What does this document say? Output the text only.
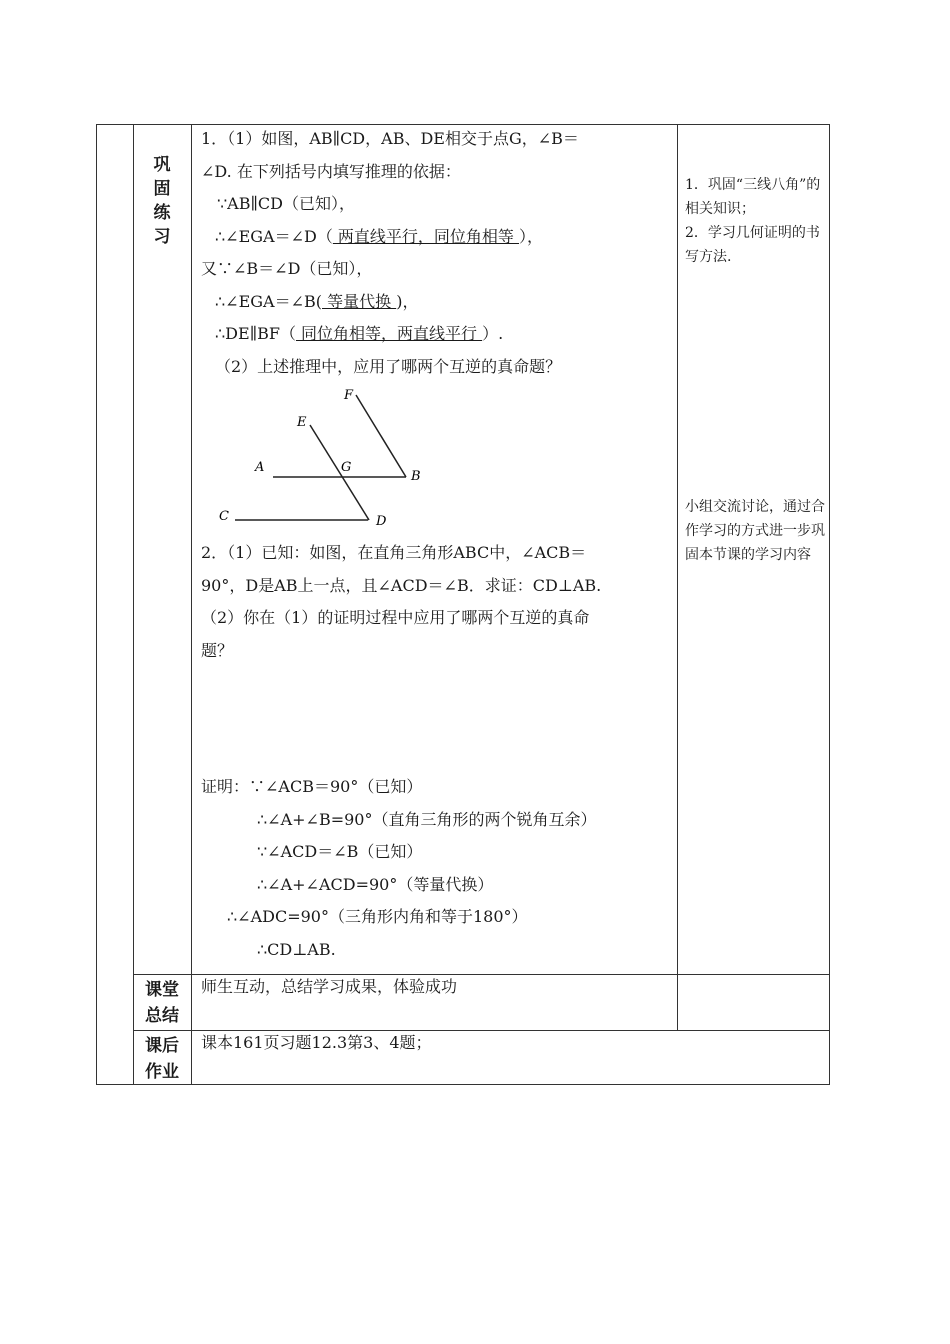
巩固练习
课堂总结
课后作业
1．（1）如图，AB∥CD，AB、DE相交于点G，∠B＝
∠D. 在下列括号内填写推理的依据：
∵AB∥CD（已知），
∴∠EGA＝∠D（ 两直线平行，同位角相等 ），
又∵∠B＝∠D（已知），
∴∠EGA＝∠B( 等量代换 )，
∴DE∥BF（ 同位角相等，两直线平行 ）.
（2）上述推理中，应用了哪两个互逆的真命题？
F
E
A	G
B
C	D
2．（1）已知：如图，在直角三角形ABC中，∠ACB＝
90°，D是AB上一点，且∠ACD＝∠B．求证：CD⊥AB.
（2）你在（1）的证明过程中应用了哪两个互逆的真命
题？
证明：∵∠ACB＝90°（已知）
∴∠A+∠B=90°（直角三角形的两个锐角互余）
∵∠ACD＝∠B（已知）
∴∠A+∠ACD=90°（等量代换）
∴∠ADC=90°（三角形内角和等于180°）
∴CD⊥AB.
1．巩固“三线八角”的相关知识；
2．学习几何证明的书写方法.
小组交流讨论，通过合作学习的方式进一步巩固本节课的学习内容
师生互动，总结学习成果，体验成功
课本161页习题12.3第3、4题；
